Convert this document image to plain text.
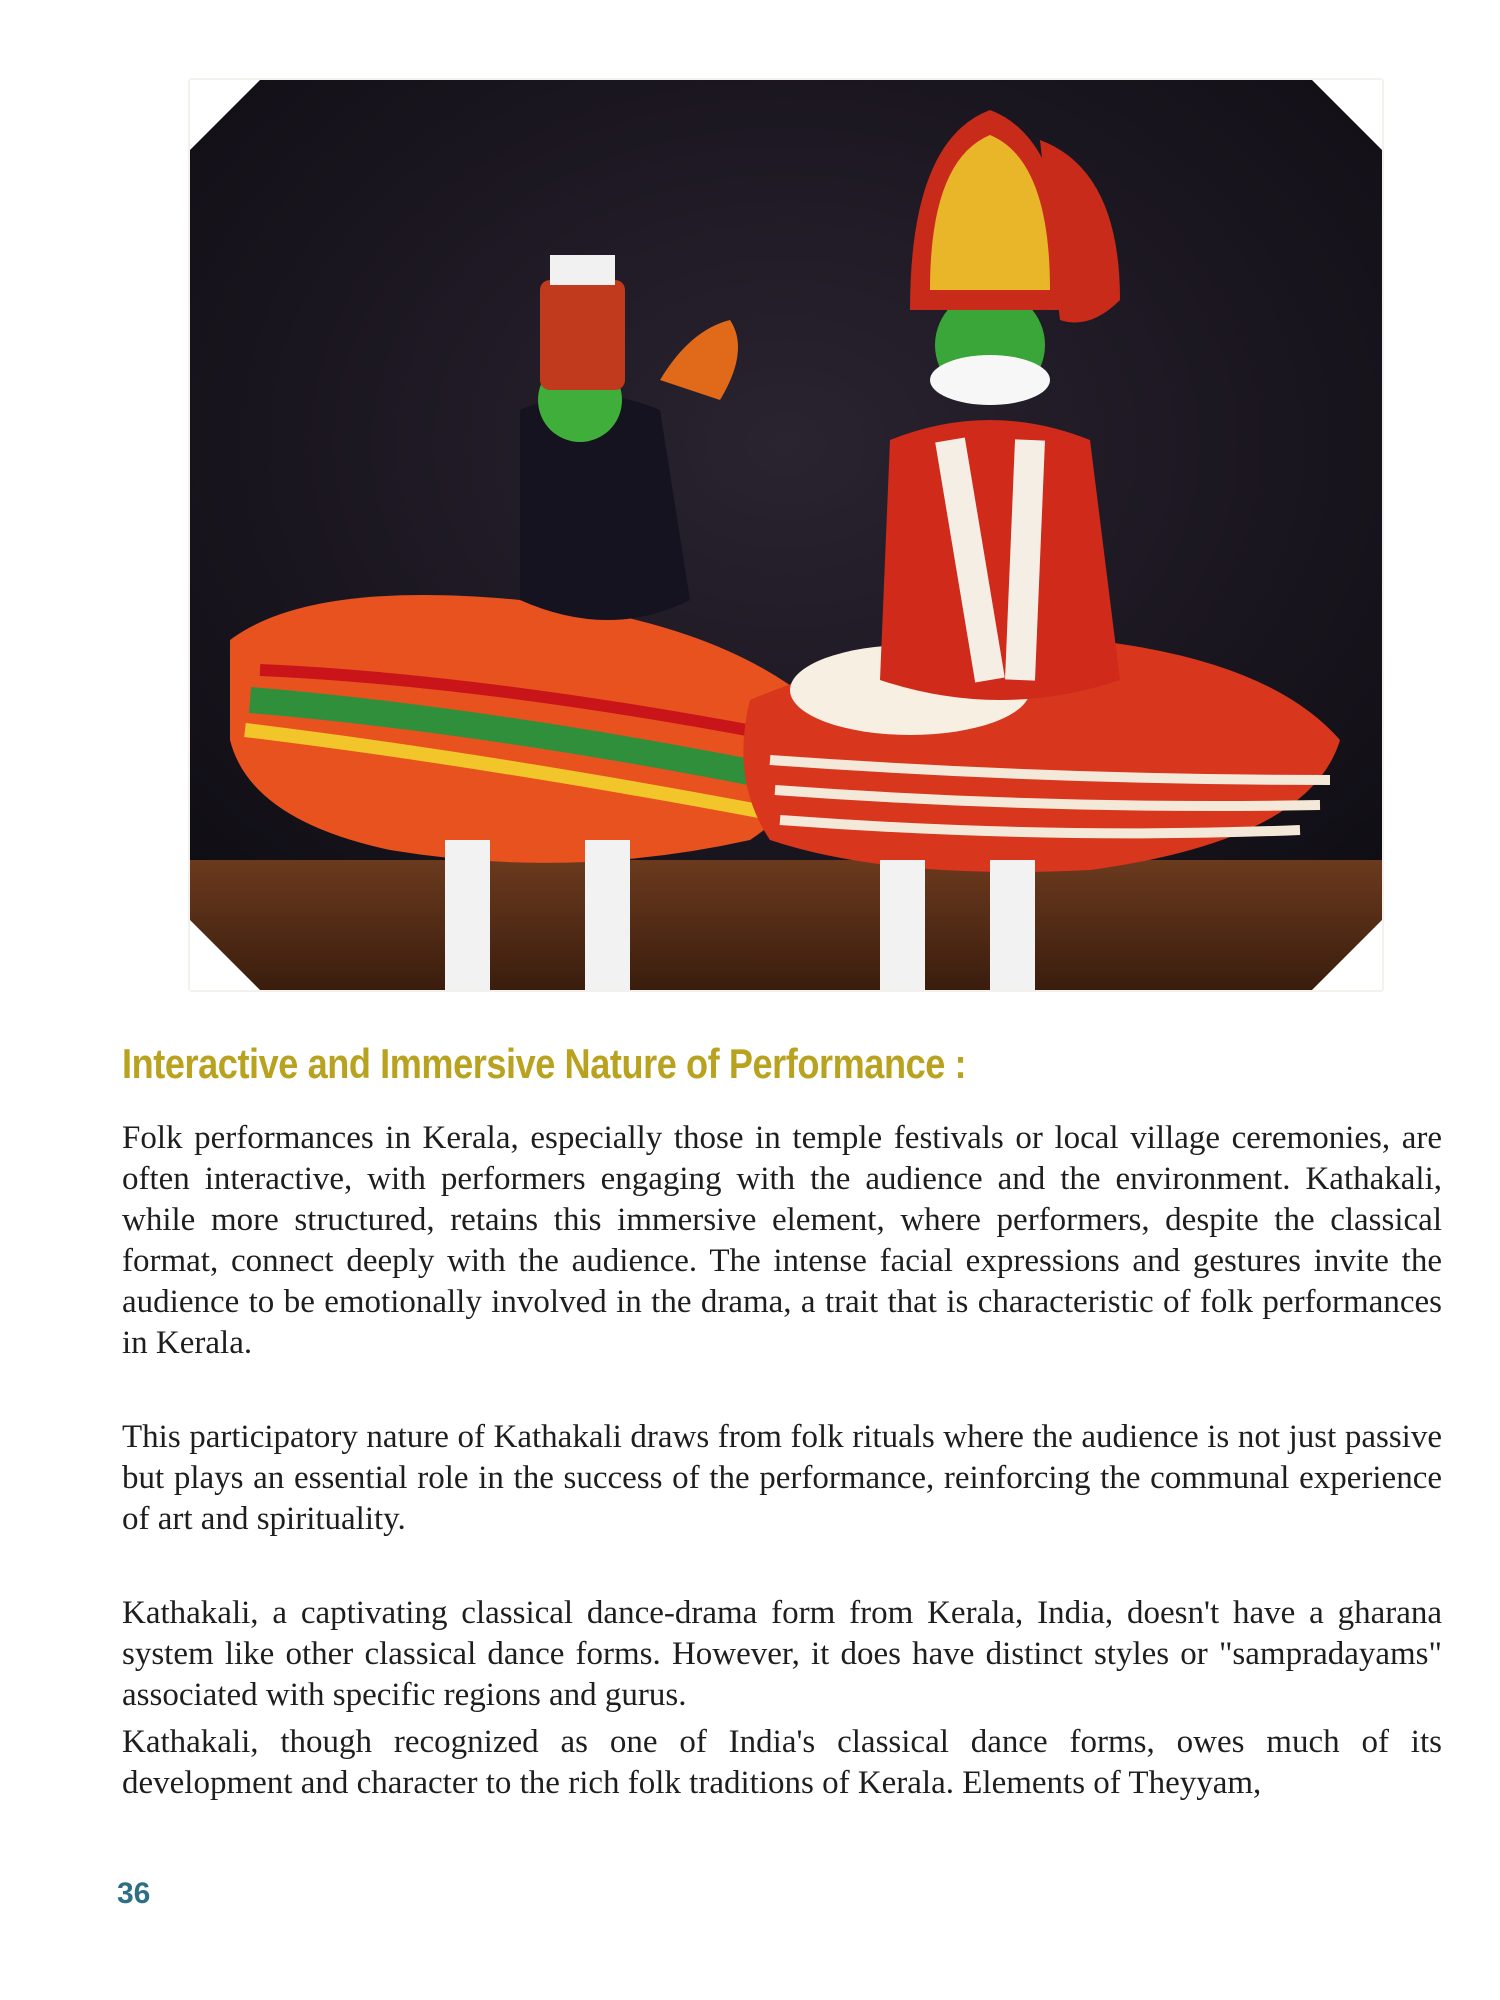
Interactive and Immersive Nature of Performance :

Folk performances in Kerala, especially those in temple festivals or local village ceremonies, are often interactive, with performers engaging with the audience and the environment. Kathakali, while more structured, retains this immersive element, where performers, despite the classical format, connect deeply with the audience. The intense facial expressions and gestures invite the audience to be emotionally involved in the drama, a trait that is characteristic of folk performances in Kerala.

This participatory nature of Kathakali draws from folk rituals where the audience is not just passive but plays an essential role in the success of the performance, reinforcing the communal experience of art and spirituality.

Kathakali, a captivating classical dance-drama form from Kerala, India, doesn't have a gharana system like other classical dance forms. However, it does have distinct styles or "sampradayams" associated with specific regions and gurus.

Kathakali, though recognized as one of India's classical dance forms, owes much of its development and character to the rich folk traditions of Kerala. Elements of Theyyam,

36
